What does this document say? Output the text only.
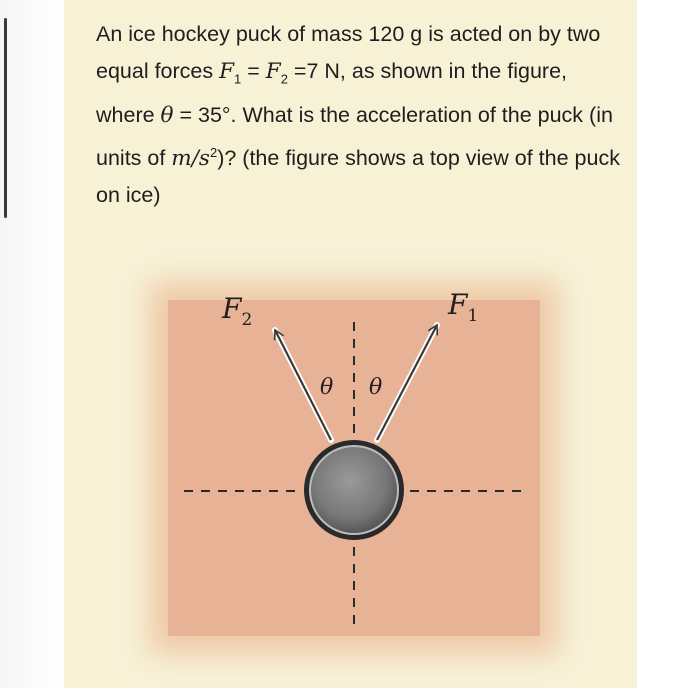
An ice hockey puck of mass 120 g is acted on by two equal forces $F_1 = F_2 =7$ N, as shown in the figure, where θ = 35°. What is the acceleration of the puck (in units of $m/s^2$)? (the figure shows a top view of the puck on ice)

$F_2$	$F_1$
θ θ
